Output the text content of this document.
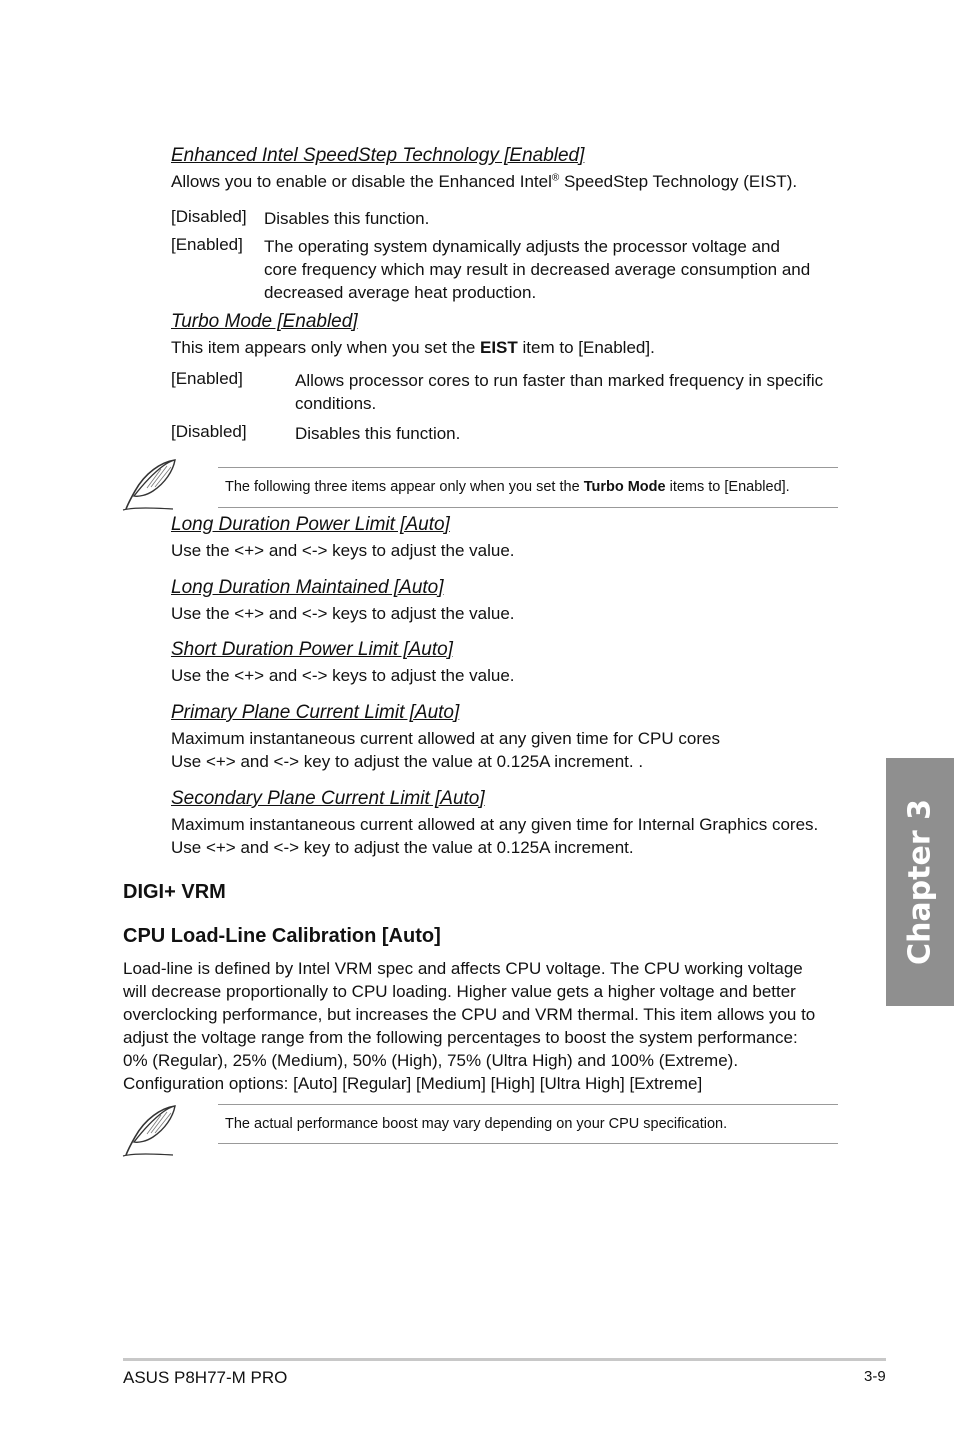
Enhanced Intel SpeedStep Technology [Enabled]
Allows you to enable or disable the Enhanced Intel® SpeedStep Technology (EIST).
[Disabled] Disables this function.
[Enabled] The operating system dynamically adjusts the processor voltage and
core frequency which may result in decreased average consumption and
decreased average heat production.
Turbo Mode [Enabled]
This item appears only when you set the EIST item to [Enabled].
[Enabled]	Allows processor cores to run faster than marked frequency in specific
conditions.
[Disabled]	Disables this function.
The following three items appear only when you set the Turbo Mode items to [Enabled].
Long Duration Power Limit [Auto]
Use the <+> and <-> keys to adjust the value.
Long Duration Maintained [Auto]
Use the <+> and <-> keys to adjust the value.
Short Duration Power Limit [Auto]
Use the <+> and <-> keys to adjust the value.
Primary Plane Current Limit [Auto]
Maximum instantaneous current allowed at any given time for CPU cores
Use <+> and <-> key to adjust the value at 0.125A increment. .
Secondary Plane Current Limit [Auto]
Maximum instantaneous current allowed at any given time for Internal Graphics cores.
Use <+> and <-> key to adjust the value at 0.125A increment.
DIGI+ VRM
CPU Load-Line Calibration [Auto]
Load-line is defined by Intel VRM spec and affects CPU voltage. The CPU working voltage
will decrease proportionally to CPU loading. Higher value gets a higher voltage and better
overclocking performance, but increases the CPU and VRM thermal. This item allows you to
adjust the voltage range from the following percentages to boost the system performance:
0% (Regular), 25% (Medium), 50% (High), 75% (Ultra High) and 100% (Extreme).
Configuration options: [Auto] [Regular] [Medium] [High] [Ultra High] [Extreme]
The actual performance boost may vary depending on your CPU specification.
Chapter 3
ASUS P8H77-M PRO	3-9
